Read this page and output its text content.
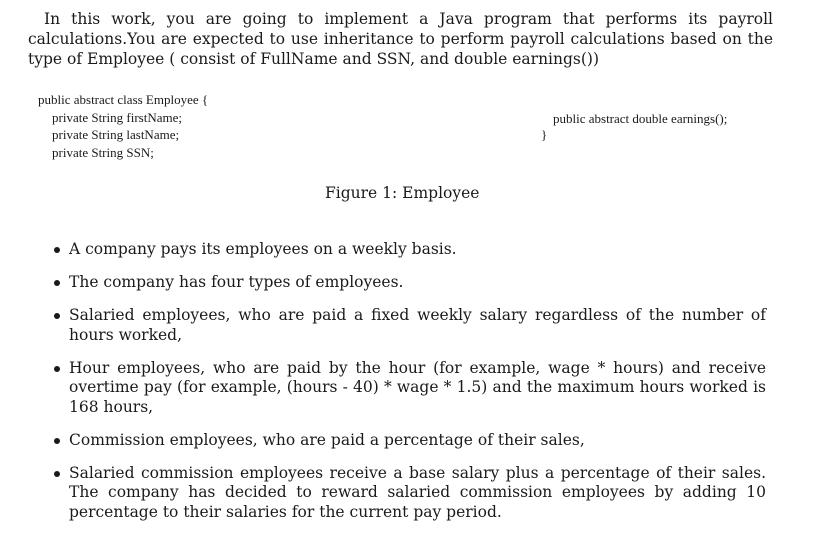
In this work, you are going to implement a Java program that performs its payroll calculations.You are expected to use inheritance to perform payroll calculations based on the type of Employee ( consist of FullName and SSN, and double earnings())

public abstract class Employee {
private String firstName;
private String lastName;
private String SSN;
public abstract double earnings();
}
Figure 1: Employee
A company pays its employees on a weekly basis.
The company has four types of employees.
Salaried employees, who are paid a fixed weekly salary regardless of the number of hours worked,
Hour employees, who are paid by the hour (for example, wage * hours) and receive overtime pay (for example, (hours - 40) * wage * 1.5) and the maximum hours worked is 168 hours,
Commission employees, who are paid a percentage of their sales,
Salaried commission employees receive a base salary plus a percentage of their sales. The company has decided to reward salaried commission employees by adding 10 percentage to their salaries for the current pay period.
